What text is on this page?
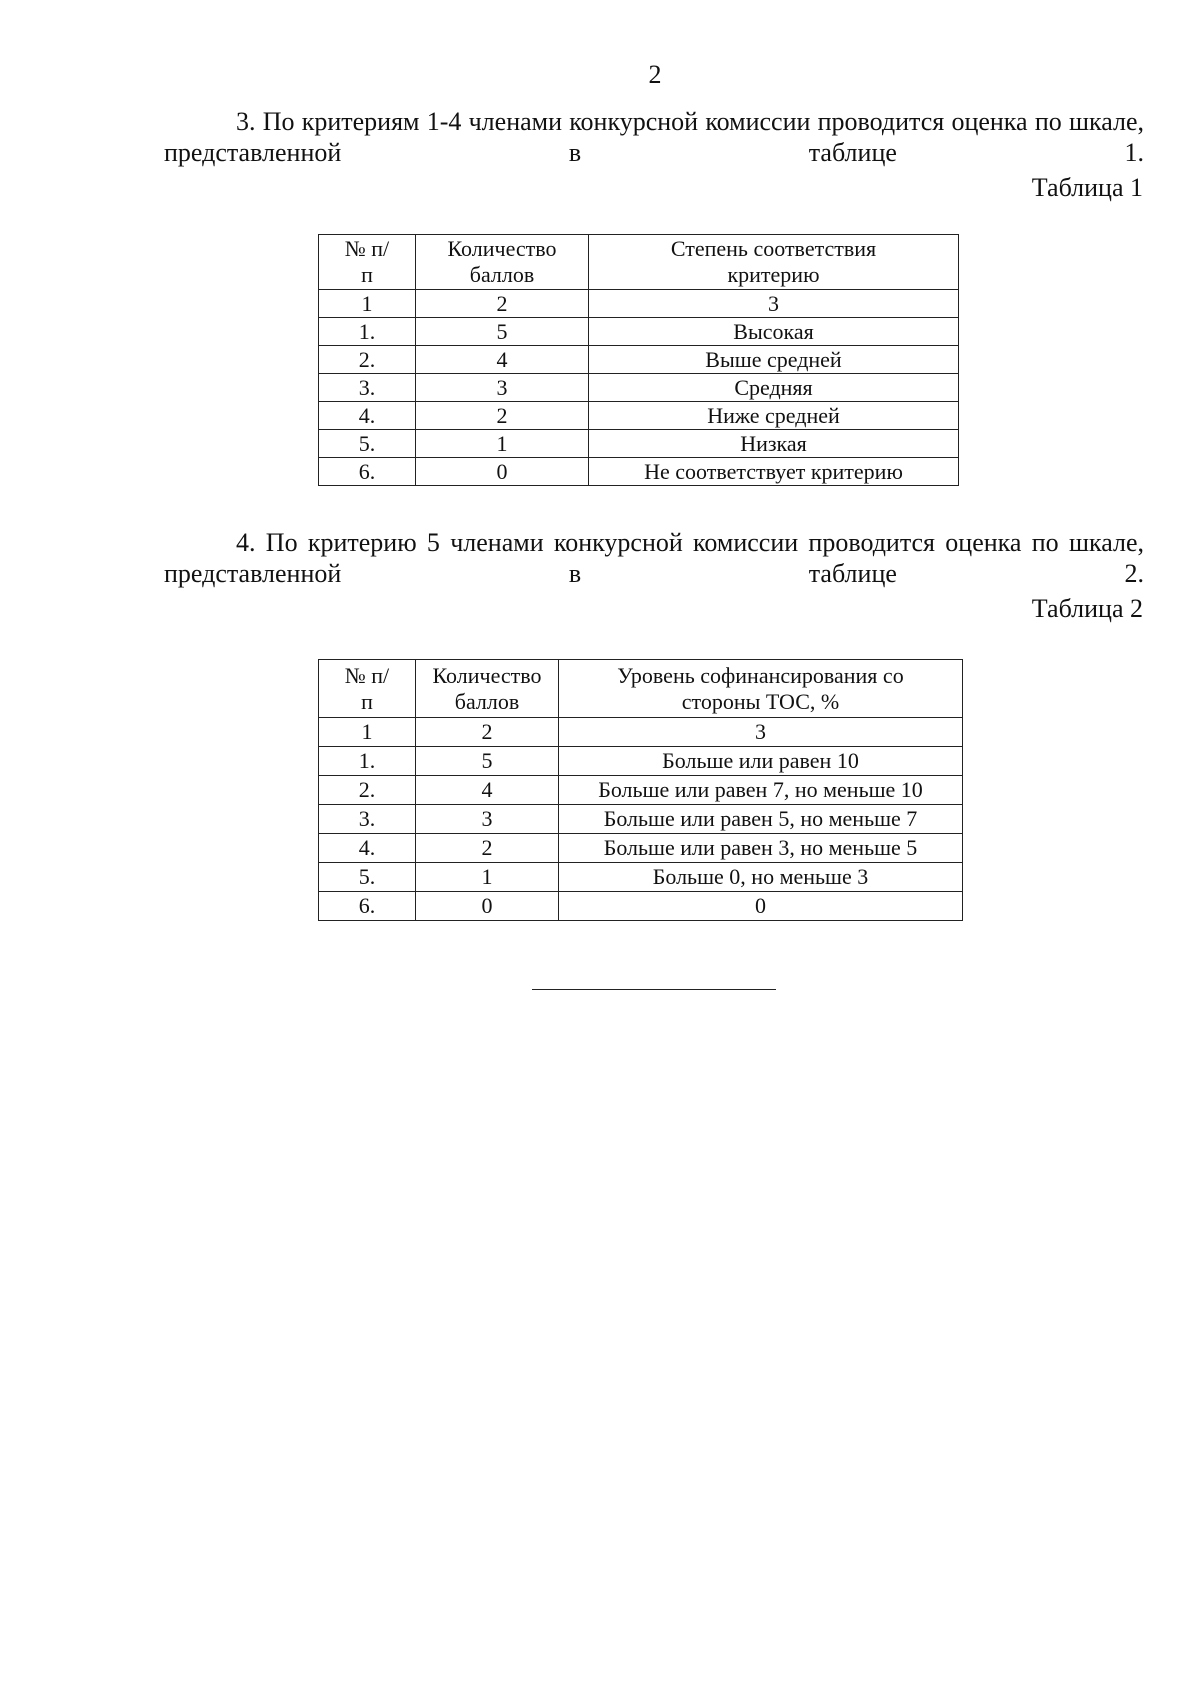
2

3. По критериям 1-4 членами конкурсной комиссии проводится оценка по шкале, представленной в таблице 1.

Таблица 1

№ п/п	Количество баллов	Степень соответствия критерию
1	2	3
1.	5	Высокая
2.	4	Выше средней
3.	3	Средняя
4.	2	Ниже средней
5.	1	Низкая
6.	0	Не соответствует критерию

4. По критерию 5 членами конкурсной комиссии проводится оценка по шкале, представленной в таблице 2.

Таблица 2

№ п/п	Количество баллов	Уровень софинансирования со стороны ТОС, %
1	2	3
1.	5	Больше или равен 10
2.	4	Больше или равен 7, но меньше 10
3.	3	Больше или равен 5, но меньше 7
4.	2	Больше или равен 3, но меньше 5
5.	1	Больше 0, но меньше 3
6.	0	0
